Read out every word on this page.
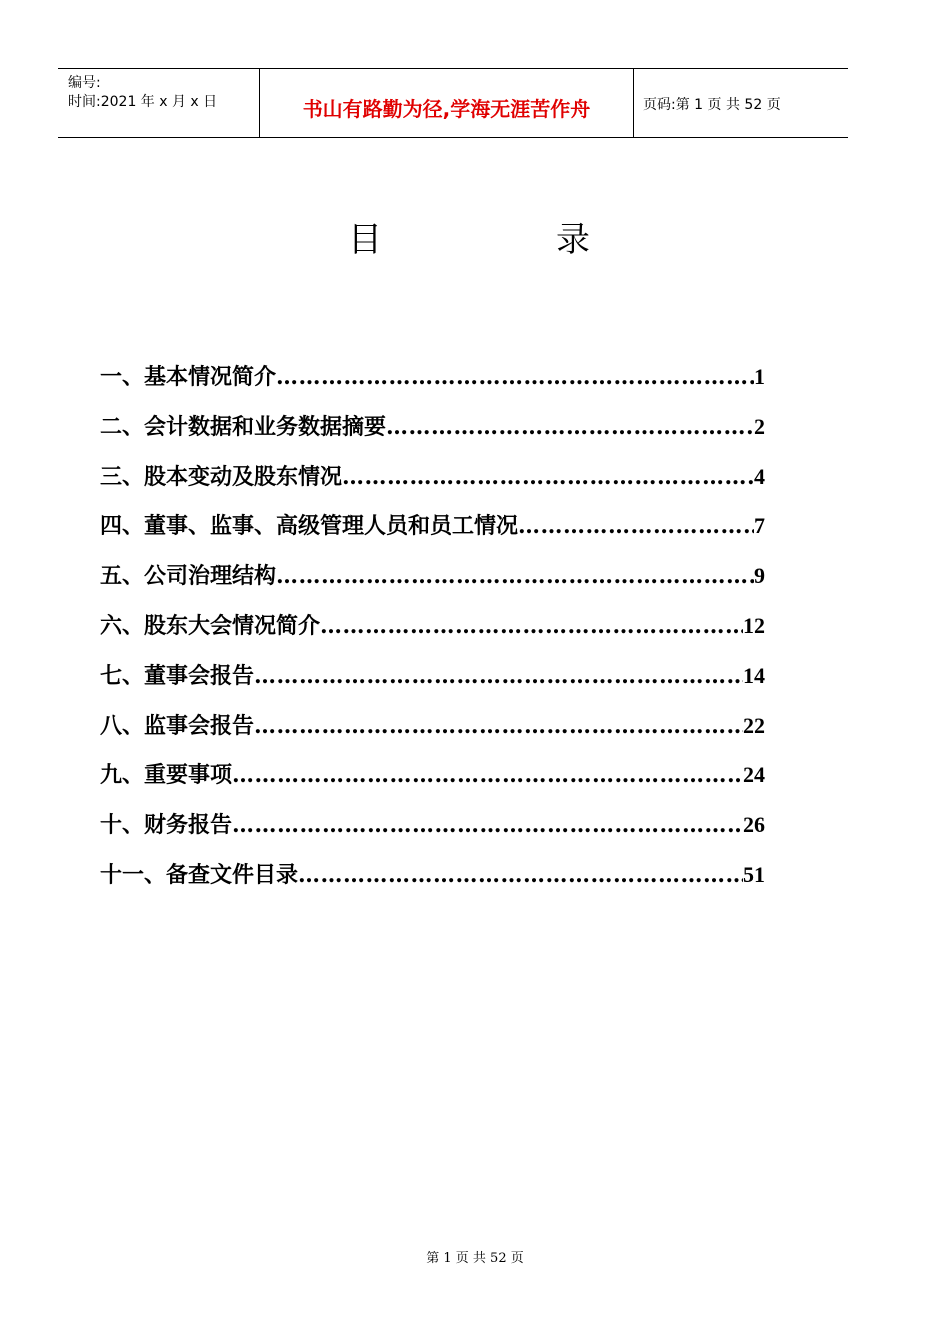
编号:
时间:2021 年 x 月 x 日	书山有路勤为径,学海无涯苦作舟	页码:第 1 页 共 52 页
目	录
一、基本情况简介 …………………………………………………………………………………………………………………………………………	1
二、会计数据和业务数据摘要 …………………………………………………………………………………………………………………………………………	2
三、股本变动及股东情况 …………………………………………………………………………………………………………………………………………	4
四、董事、监事、高级管理人员和员工情况 …………………………………………………………………………………………………………………………………………	7
五、公司治理结构 …………………………………………………………………………………………………………………………………………	9
六、股东大会情况简介 …………………………………………………………………………………………………………………………………………	12
七、董事会报告 …………………………………………………………………………………………………………………………………………	14
八、监事会报告 …………………………………………………………………………………………………………………………………………	22
九、重要事项 …………………………………………………………………………………………………………………………………………	24
十、财务报告 …………………………………………………………………………………………………………………………………………	26
十一、备查文件目录 …………………………………………………………………………………………………………………………………………	51
第 1 页 共 52 页
